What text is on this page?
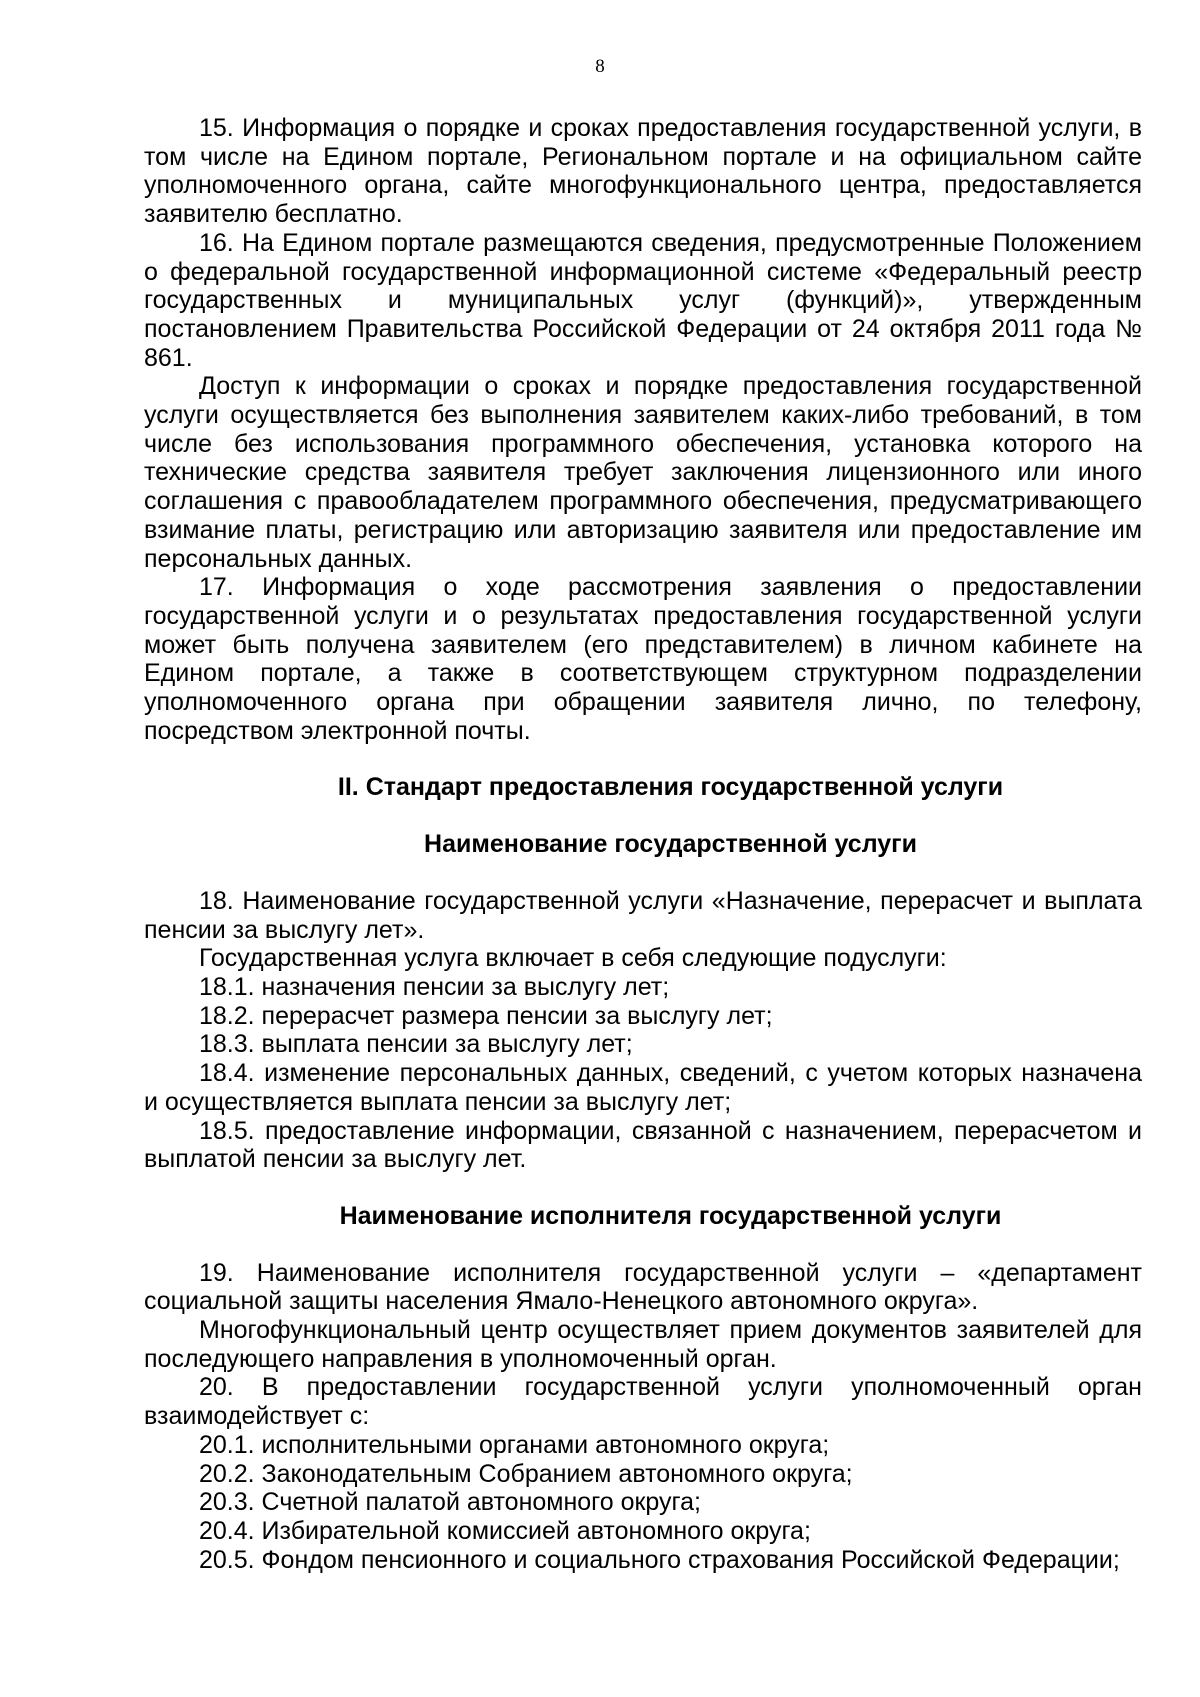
8

15. Информация о порядке и сроках предоставления государственной услуги, в том числе на Едином портале, Региональном портале и на официальном сайте уполномоченного органа, сайте многофункционального центра, предоставляется заявителю бесплатно.

16. На Едином портале размещаются сведения, предусмотренные Положением о федеральной государственной информационной системе «Федеральный реестр государственных и муниципальных услуг (функций)», утвержденным постановлением Правительства Российской Федерации от 24 октября 2011 года № 861.

Доступ к информации о сроках и порядке предоставления государственной услуги осуществляется без выполнения заявителем каких-либо требований, в том числе без использования программного обеспечения, установка которого на технические средства заявителя требует заключения лицензионного или иного соглашения с правообладателем программного обеспечения, предусматривающего взимание платы, регистрацию или авторизацию заявителя или предоставление им персональных данных.

17. Информация о ходе рассмотрения заявления о предоставлении государственной услуги и о результатах предоставления государственной услуги может быть получена заявителем (его представителем) в личном кабинете на Едином портале, а также в соответствующем структурном подразделении уполномоченного органа при обращении заявителя лично, по телефону, посредством электронной почты.

II. Стандарт предоставления государственной услуги

Наименование государственной услуги

18. Наименование государственной услуги «Назначение, перерасчет и выплата пенсии за выслугу лет».

Государственная услуга включает в себя следующие подуслуги:

18.1. назначения пенсии за выслугу лет;

18.2. перерасчет размера пенсии за выслугу лет;

18.3. выплата пенсии за выслугу лет;

18.4. изменение персональных данных, сведений, с учетом которых назначена и осуществляется выплата пенсии за выслугу лет;

18.5. предоставление информации, связанной с назначением, перерасчетом и выплатой пенсии за выслугу лет.

Наименование исполнителя государственной услуги

19. Наименование исполнителя государственной услуги – «департамент социальной защиты населения Ямало-Ненецкого автономного округа».

Многофункциональный центр осуществляет прием документов заявителей для последующего направления в уполномоченный орган.

20. В предоставлении государственной услуги уполномоченный орган взаимодействует с:

20.1. исполнительными органами автономного округа;

20.2. Законодательным Собранием автономного округа;

20.3. Счетной палатой автономного округа;

20.4. Избирательной комиссией автономного округа;

20.5. Фондом пенсионного и социального страхования Российской Федерации;
